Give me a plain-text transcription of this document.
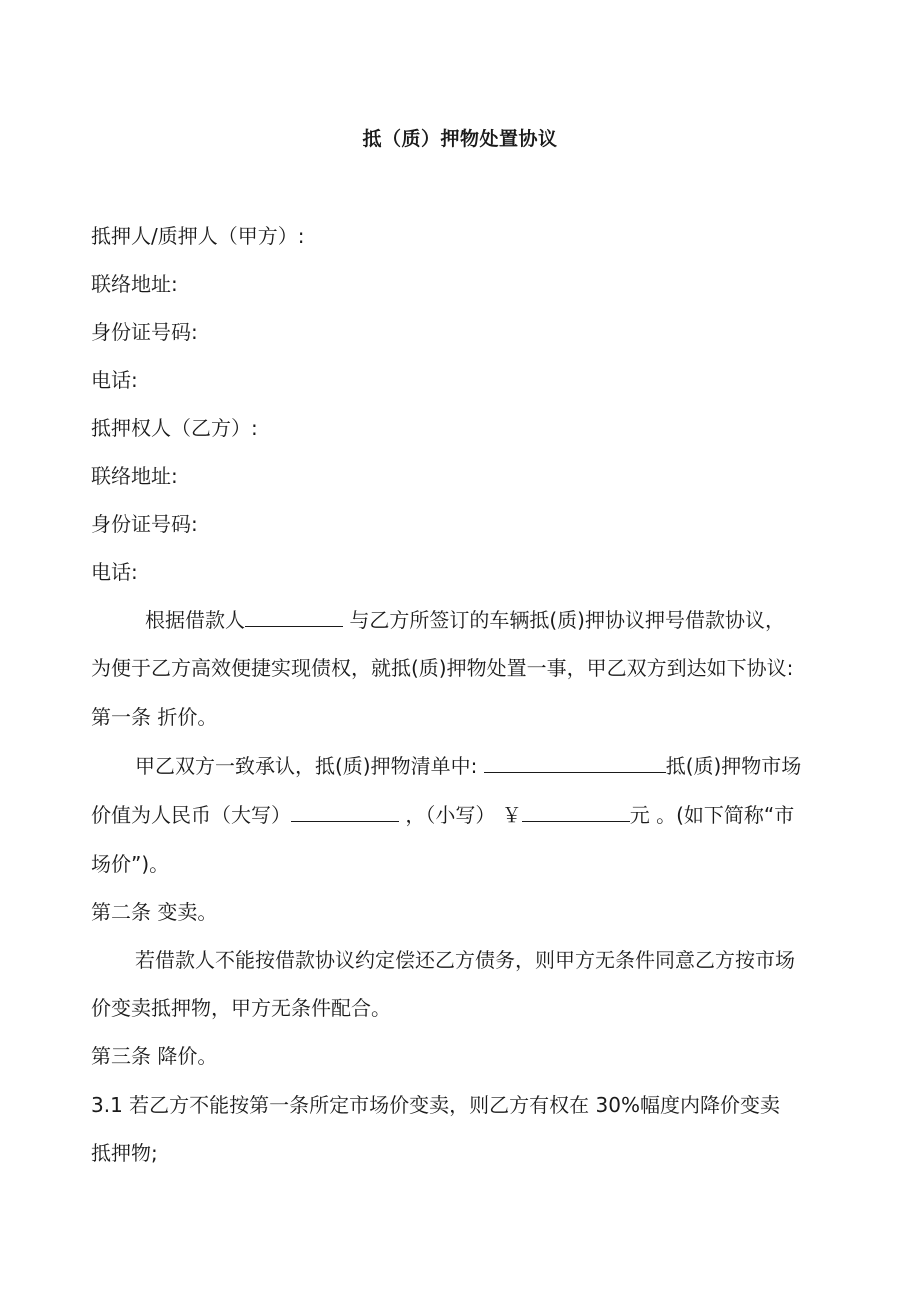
抵（质）押物处置协议
抵押人/质押人（甲方）:
联络地址:
身份证号码:
电话:
抵押权人（乙方）:
联络地址:
身份证号码:
电话:
根据借款人	与乙方所签订的车辆抵(质)押协议押号借款协议，
为便于乙方高效便捷实现债权，就抵(质)押物处置一事，甲乙双方到达如下协议:
第一条 折价。
甲乙双方一致承认，抵(质)押物清单中:	抵(质)押物市场
价值为人民币（大写）	，（小写） ￥	元 。(如下简称“市
场价”)。
第二条 变卖。
若借款人不能按借款协议约定偿还乙方债务，则甲方无条件同意乙方按市场
价变卖抵押物，甲方无条件配合。
第三条 降价。
3.1 若乙方不能按第一条所定市场价变卖，则乙方有权在 30%幅度内降价变卖
抵押物;
